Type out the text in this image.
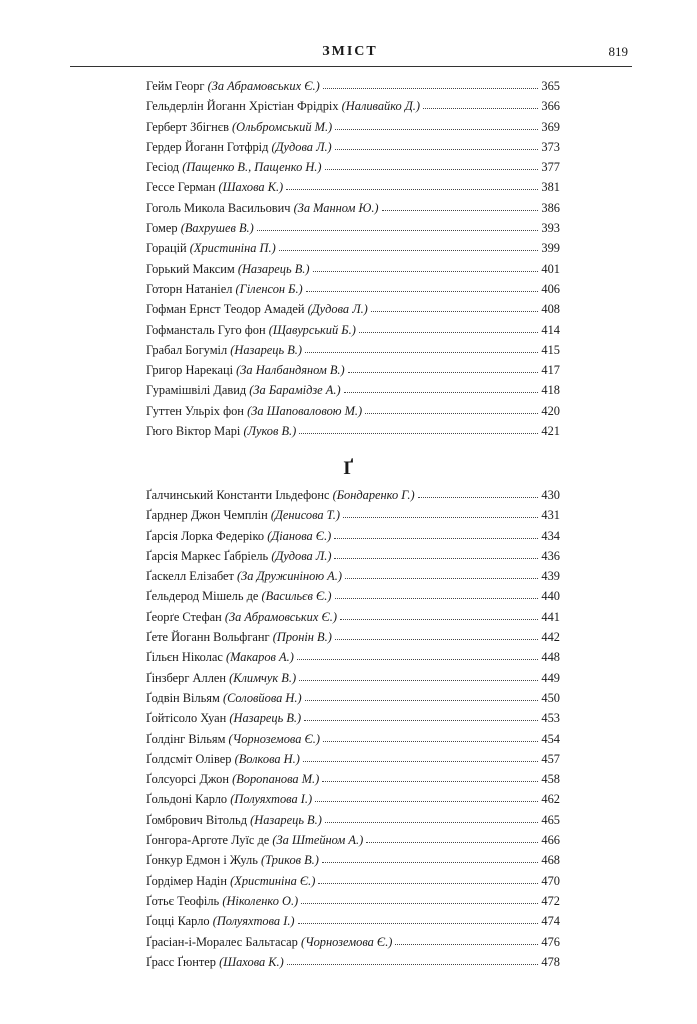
ЗМІСТ	819
Гейм Георг (За Абрамовських Є.)	365
Гельдерлін Йоганн Хрістіан Фрідріх (Наливайко Д.)	366
Герберт Збігнєв (Ольбромський М.)	369
Гердер Йоганн Готфрід (Дудова Л.)	373
Гесіод (Пащенко В., Пащенко Н.)	377
Гессе Герман (Шахова К.)	381
Гоголь Микола Васильович (За Манном Ю.)	386
Гомер (Вахрушев В.)	393
Горацій (Христиніна П.)	399
Горький Максим (Назарець В.)	401
Готорн Натаніел (Гіленсон Б.)	406
Гофман Ернст Теодор Амадей (Дудова Л.)	408
Гофмансталь Гуго фон (Щавурський Б.)	414
Грабал Богуміл (Назарець В.)	415
Григор Нарекаці (За Налбандяном В.)	417
Гурамішвілі Давид (За Барамідзе А.)	418
Гуттен Ульріх фон (За Шаповаловою М.)	420
Гюго Віктор Марі (Луков В.)	421
Ґ
Ґалчинський Константи Ільдефонс (Бондаренко Г.)	430
Ґарднер Джон Чемплін (Денисова Т.)	431
Ґарсія Лорка Федеріко (Діанова Є.)	434
Ґарсія Маркес Ґабріель (Дудова Л.)	436
Ґаскелл Елізабет (За Дружиніною А.)	439
Ґельдерод Мішель де (Васильєв Є.)	440
Ґеорґе Стефан (За Абрамовських Є.)	441
Ґете Йоганн Вольфганг (Пронін В.)	442
Ґільєн Ніколас (Макаров А.)	448
Ґінзберг Аллен (Климчук В.)	449
Ґодвін Вільям (Соловйова Н.)	450
Ґойтісоло Хуан (Назарець В.)	453
Ґолдінг Вільям (Чорноземова Є.)	454
Ґолдсміт Олівер (Волкова Н.)	457
Ґолсуорсі Джон (Воропанова М.)	458
Ґольдоні Карло (Полуяхтова І.)	462
Ґомбрович Вітольд (Назарець В.)	465
Ґонгора-Арготе Луїс де (За Штейном А.)	466
Ґонкур Едмон і Жуль (Триков В.)	468
Ґордімер Надін (Христиніна Є.)	470
Ґотьє Теофіль (Ніколенко О.)	472
Ґоцці Карло (Полуяхтова І.)	474
Ґрасіан-і-Моралес Бальтасар (Чорноземова Є.)	476
Ґрасс Ґюнтер (Шахова К.)	478
